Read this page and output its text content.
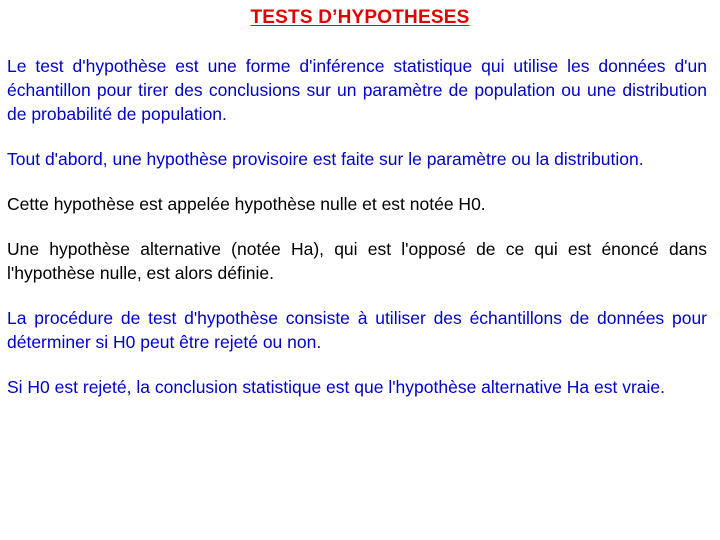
TESTS D’HYPOTHESES

Le test d'hypothèse est une forme d'inférence statistique qui utilise les données d'un échantillon pour tirer des conclusions sur un paramètre de population ou une distribution de probabilité de population.

Tout d'abord, une hypothèse provisoire est faite sur le paramètre ou la distribution.

Cette hypothèse est appelée hypothèse nulle et est notée H0.

Une hypothèse alternative (notée Ha), qui est l'opposé de ce qui est énoncé dans l'hypothèse nulle, est alors définie.

La procédure de test d'hypothèse consiste à utiliser des échantillons de données pour déterminer si H0 peut être rejeté ou non.

Si H0 est rejeté, la conclusion statistique est que l'hypothèse alternative Ha est vraie.
